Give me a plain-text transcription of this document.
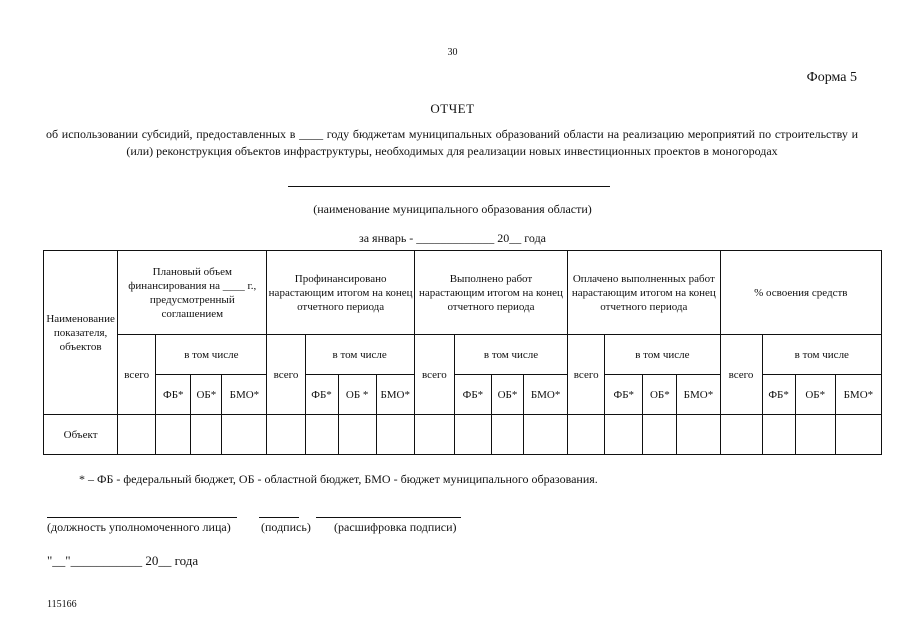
30
Форма 5
ОТЧЕТ
об использовании субсидий, предоставленных в ____ году бюджетам муниципальных образований области на реализацию мероприятий по строительству и (или) реконструкция объектов инфраструктуры, необходимых для реализации новых инвестиционных проектов в моногородах
(наименование муниципального образования области)
за январь - _____________ 20__ года
Наименование показателя, объектов	Плановый объем финансирования на ____ г., предусмотренный соглашением				Профинансировано нарастающим итогом на конец отчетного периода				Выполнено работ нарастающим итогом на конец отчетного периода				Оплачено выполненных работ нарастающим итогом на конец отчетного периода				% освоения средств			
	всего	в том числе			всего	в том числе			всего	в том числе			всего	в том числе			всего	в том числе		
		ФБ*	ОБ*	БМО*		ФБ*	ОБ *	БМО*		ФБ*	ОБ*	БМО*		ФБ*	ОБ*	БМО*		ФБ*	ОБ*	БМО*
Объект																				
* – ФБ - федеральный бюджет, ОБ - областной бюджет, БМО - бюджет муниципального образования.
(должность уполномоченного лица)	(подпись) (расшифровка подписи)
"__"___________ 20__ года
115166
